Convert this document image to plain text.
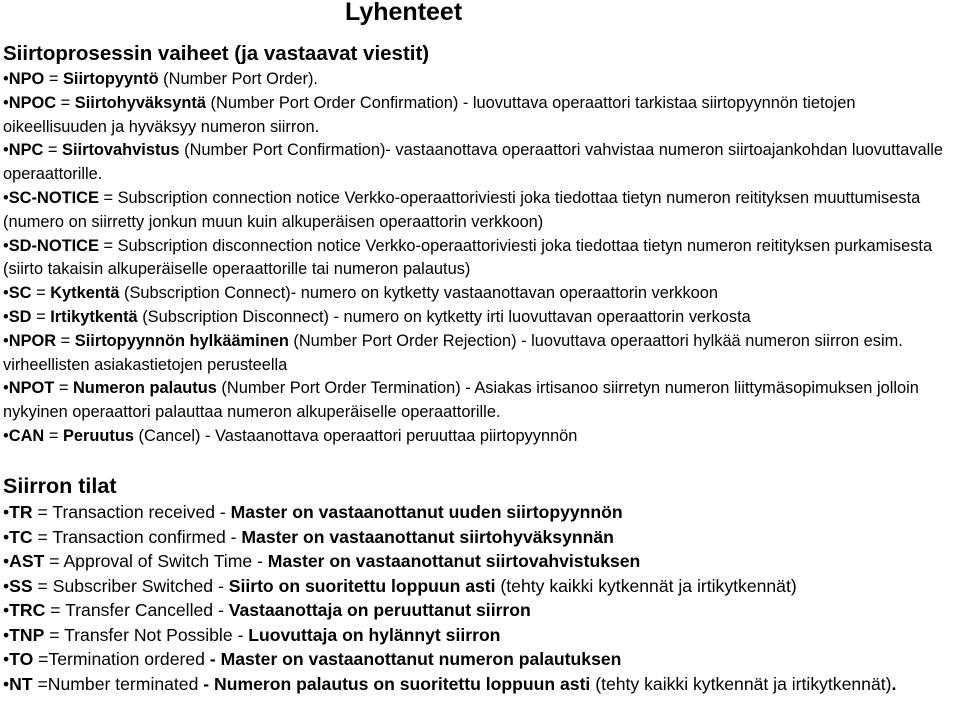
Lyhenteet
Siirtoprosessin vaiheet (ja vastaavat viestit)

•NPO = Siirtopyyntö (Number Port Order).

•NPOC = Siirtohyväksyntä (Number Port Order Confirmation) - luovuttava operaattori tarkistaa siirtopyynnön tietojen oikeellisuuden ja hyväksyy numeron siirron.

•NPC = Siirtovahvistus (Number Port Confirmation)- vastaanottava operaattori vahvistaa numeron siirtoajankohdan luovuttavalle operaattorille.

•SC-NOTICE = Subscription connection notice Verkko-operaattoriviesti joka tiedottaa tietyn numeron reitityksen muuttumisesta (numero on siirretty jonkun muun kuin alkuperäisen operaattorin verkkoon)

•SD-NOTICE = Subscription disconnection notice Verkko-operaattoriviesti joka tiedottaa tietyn numeron reitityksen purkamisesta (siirto takaisin alkuperäiselle operaattorille tai numeron palautus)

•SC = Kytkentä (Subscription Connect)- numero on kytketty vastaanottavan operaattorin verkkoon

•SD = Irtikytkentä (Subscription Disconnect) - numero on kytketty irti luovuttavan operaattorin verkosta

•NPOR = Siirtopyynnön hylkääminen (Number Port Order Rejection) - luovuttava operaattori hylkää numeron siirron esim. virheellisten asiakastietojen perusteella

•NPOT = Numeron palautus (Number Port Order Termination) - Asiakas irtisanoo siirretyn numeron liittymäsopimuksen jolloin nykyinen operaattori palauttaa numeron alkuperäiselle operaattorille.

•CAN = Peruutus (Cancel) - Vastaanottava operaattori peruuttaa piirtopyynnön

Siirron tilat

•TR = Transaction received - Master on vastaanottanut uuden siirtopyynnön

•TC = Transaction confirmed - Master on vastaanottanut siirtohyväksynnän

•AST = Approval of Switch Time - Master on vastaanottanut siirtovahvistuksen

•SS = Subscriber Switched - Siirto on suoritettu loppuun asti (tehty kaikki kytkennät ja irtikytkennät)

•TRC = Transfer Cancelled - Vastaanottaja on peruuttanut siirron

•TNP = Transfer Not Possible - Luovuttaja on hylännyt siirron

•TO =Termination ordered - Master on vastaanottanut numeron palautuksen

•NT =Number terminated - Numeron palautus on suoritettu loppuun asti (tehty kaikki kytkennät ja irtikytkennät).
